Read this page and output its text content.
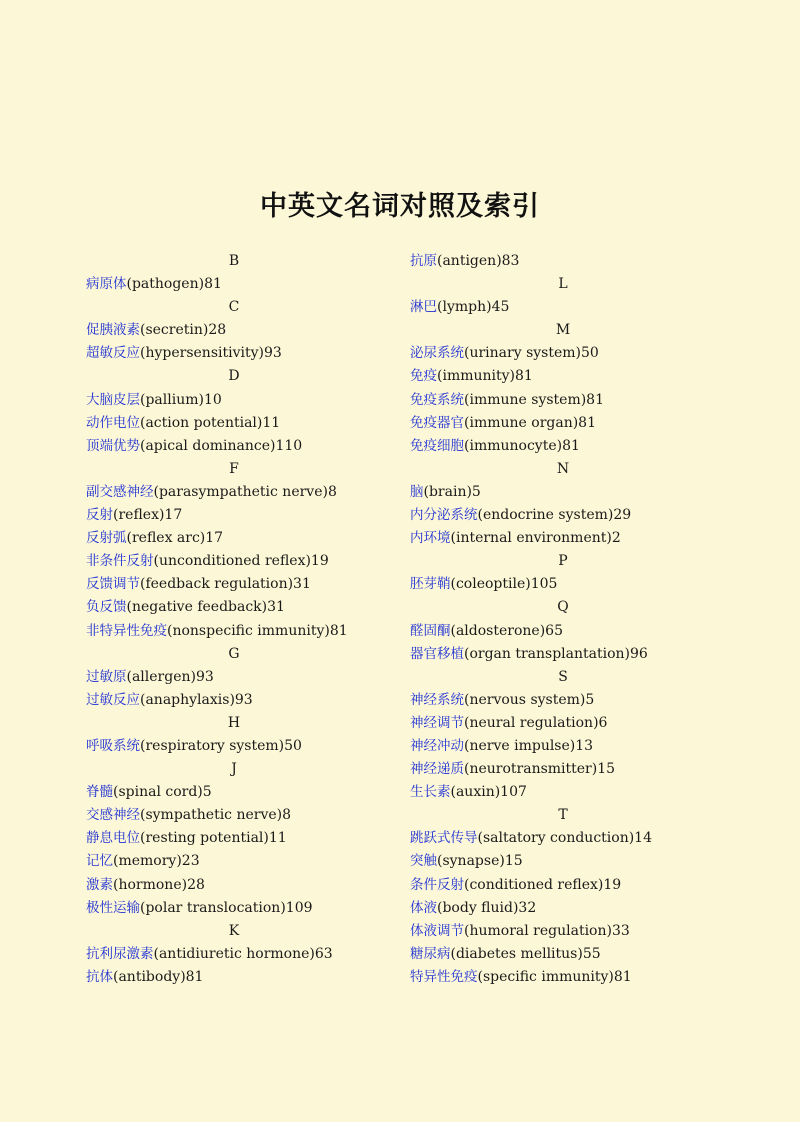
中英文名词对照及索引
B
病原体(pathogen)81
C
促胰液素(secretin)28
超敏反应(hypersensitivity)93
D
大脑皮层(pallium)10
动作电位(action potential)11
顶端优势(apical dominance)110
F
副交感神经(parasympathetic nerve)8
反射(reflex)17
反射弧(reflex arc)17
非条件反射(unconditioned reflex)19
反馈调节(feedback regulation)31
负反馈(negative feedback)31
非特异性免疫(nonspecific immunity)81
G
过敏原(allergen)93
过敏反应(anaphylaxis)93
H
呼吸系统(respiratory system)50
J
脊髓(spinal cord)5
交感神经(sympathetic nerve)8
静息电位(resting potential)11
记忆(memory)23
激素(hormone)28
极性运输(polar translocation)109
K
抗利尿激素(antidiuretic hormone)63
抗体(antibody)81
抗原(antigen)83
L
淋巴(lymph)45
M
泌尿系统(urinary system)50
免疫(immunity)81
免疫系统(immune system)81
免疫器官(immune organ)81
免疫细胞(immunocyte)81
N
脑(brain)5
内分泌系统(endocrine system)29
内环境(internal environment)2
P
胚芽鞘(coleoptile)105
Q
醛固酮(aldosterone)65
器官移植(organ transplantation)96
S
神经系统(nervous system)5
神经调节(neural regulation)6
神经冲动(nerve impulse)13
神经递质(neurotransmitter)15
生长素(auxin)107
T
跳跃式传导(saltatory conduction)14
突触(synapse)15
条件反射(conditioned reflex)19
体液(body fluid)32
体液调节(humoral regulation)33
糖尿病(diabetes mellitus)55
特异性免疫(specific immunity)81
